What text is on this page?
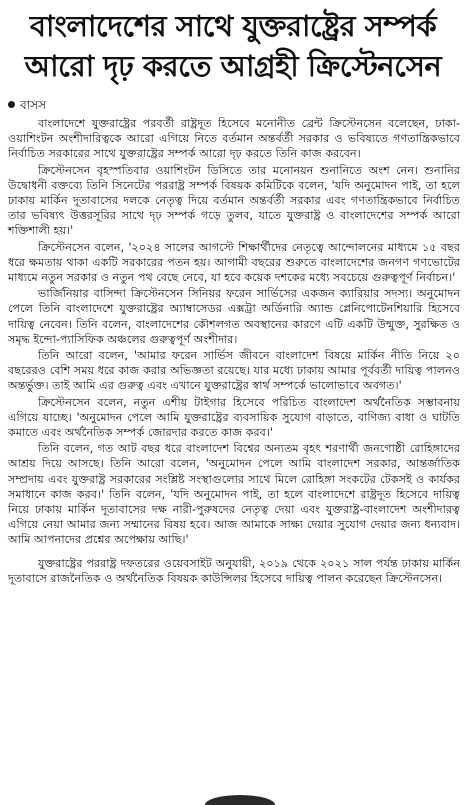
বাংলাদেশের সাথে যুক্তরাষ্ট্রের সম্পর্ক
আরো দৃঢ় করতে আগ্রহী ক্রিস্টেনসেন
বাসস

বাংলাদেশে যুক্তরাষ্ট্রের পরবর্তী রাষ্ট্রদূত হিসেবে মনোনীত ব্রেন্ট ক্রিস্টেনসেন বলেছেন, ঢাকা-ওয়াশিংটন অংশীদারিত্বকে আরো এগিয়ে নিতে বর্তমান অন্তর্বর্তী সরকার ও ভবিষ্যতে গণতান্ত্রিকভাবে নির্বাচিত সরকারের সাথে যুক্তরাষ্ট্রের সম্পর্ক আরো দৃঢ় করতে তিনি কাজ করবেন।

ক্রিস্টেনসেন বৃহস্পতিবার ওয়াশিংটন ডিসিতে তার মনোনয়ন শুনানিতে অংশ নেন। শুনানির উদ্বোধনী বক্তব্যে তিনি সিনেটের পররাষ্ট্র সম্পর্ক বিষয়ক কমিটিকে বলেন, 'যদি অনুমোদন পাই, তা হলে ঢাকায় মার্কিন দূতাবাসের দলকে নেতৃত্ব দিয়ে বর্তমান অন্তর্বর্তী সরকার এবং গণতান্ত্রিকভাবে নির্বাচিত তার ভবিষ্যৎ উত্তরসূরির সাথে দৃঢ় সম্পর্ক গড়ে তুলব, যাতে যুক্তরাষ্ট্র ও বাংলাদেশের সম্পর্ক আরো শক্তিশালী হয়।'

ক্রিস্টেনসেন বলেন, '২০২৪ সালের আগস্টে শিক্ষার্থীদের নেতৃত্বে আন্দোলনের মাধ্যমে ১৫ বছর ধরে ক্ষমতায় থাকা একটি সরকারের পতন হয়। আগামী বছরের শুরুতে বাংলাদেশের জনগণ গণভোটের মাধ্যমে নতুন সরকার ও নতুন পথ বেছে নেবে, যা হবে কয়েক দশকের মধ্যে সবচেয়ে গুরুত্বপূর্ণ নির্বাচন।'

ভার্জিনিয়ার বাসিন্দা ক্রিস্টেনসেন সিনিয়র ফরেন সার্ভিসের একজন ক্যারিয়ার সদস্য। অনুমোদন পেলে তিনি বাংলাদেশে যুক্তরাষ্ট্রের অ্যাম্বাসেডর এক্সট্রা অর্ডিনারি অ্যান্ড প্লেনিপোটেনশিয়ারি হিসেবে দায়িত্ব নেবেন। তিনি বলেন, বাংলাদেশের কৌশলগত অবস্থানের কারণে এটি একটি উন্মুক্ত, সুরক্ষিত ও সমৃদ্ধ ইন্দো-প্যাসিফিক অঞ্চলের গুরুত্বপূর্ণ অংশীদার।

তিনি আরো বলেন, 'আমার ফরেন সার্ভিস জীবনে বাংলাদেশ বিষয়ে মার্কিন নীতি নিয়ে ২০ বছরেরও বেশি সময় ধরে কাজ করার অভিজ্ঞতা রয়েছে। যার মধ্যে ঢাকায় আমার পূর্ববর্তী দায়িত্ব পালনও অন্তর্ভুক্ত। তাই আমি এর গুরুত্ব এবং এখানে যুক্তরাষ্ট্রের স্বার্থ সম্পর্কে ভালোভাবে অবগত।'

ক্রিস্টেনসেন বলেন, নতুন এশীয় টাইগার হিসেবে পরিচিত বাংলাদেশ অর্থনৈতিক সম্ভাবনায় এগিয়ে যাচ্ছে। 'অনুমোদন পেলে আমি যুক্তরাষ্ট্রের ব্যবসায়িক সুযোগ বাড়াতে, বাণিজ্য বাধা ও ঘাটতি কমাতে এবং অর্থনৈতিক সম্পর্ক জোরদার করতে কাজ করব।'

তিনি বলেন, গত আট বছর ধরে বাংলাদেশ বিশ্বের অন্যতম বৃহৎ শরণার্থী জনগোষ্ঠী রোহিঙ্গাদের আশ্রয় দিয়ে আসছে। তিনি আরো বলেন, 'অনুমোদন পেলে আমি বাংলাদেশ সরকার, আন্তর্জাতিক সম্প্রদায় এবং যুক্তরাষ্ট্র সরকারের সংশ্লিষ্ট সংস্থাগুলোর সাথে মিলে রোহিঙ্গা সংকটের টেকসই ও কার্যকর সমাধানে কাজ করব।' তিনি বলেন, 'যদি অনুমোদন পাই, তা হলে বাংলাদেশে রাষ্ট্রদূত হিসেবে দায়িত্ব নিয়ে ঢাকায় মার্কিন দূতাবাসের দক্ষ নারী-পুরুষদের নেতৃত্ব দেয়া এবং যুক্তরাষ্ট্র-বাংলাদেশ অংশীদারত্ব এগিয়ে নেয়া আমার জন্য সম্মানের বিষয় হবে। আজ আমাকে সাক্ষ্য দেয়ার সুযোগ দেয়ার জন্য ধন্যবাদ। আমি আপনাদের প্রশ্নের অপেক্ষায় আছি।'

যুক্তরাষ্ট্রের পররাষ্ট্র দফতরের ওয়েবসাইট অনুযায়ী, ২০১৯ থেকে ২০২১ সাল পর্যন্ত ঢাকায় মার্কিন দূতাবাসে রাজনৈতিক ও অর্থনৈতিক বিষয়ক কাউন্সিলর হিসেবে দায়িত্ব পালন করেছেন ক্রিস্টেনসেন।
